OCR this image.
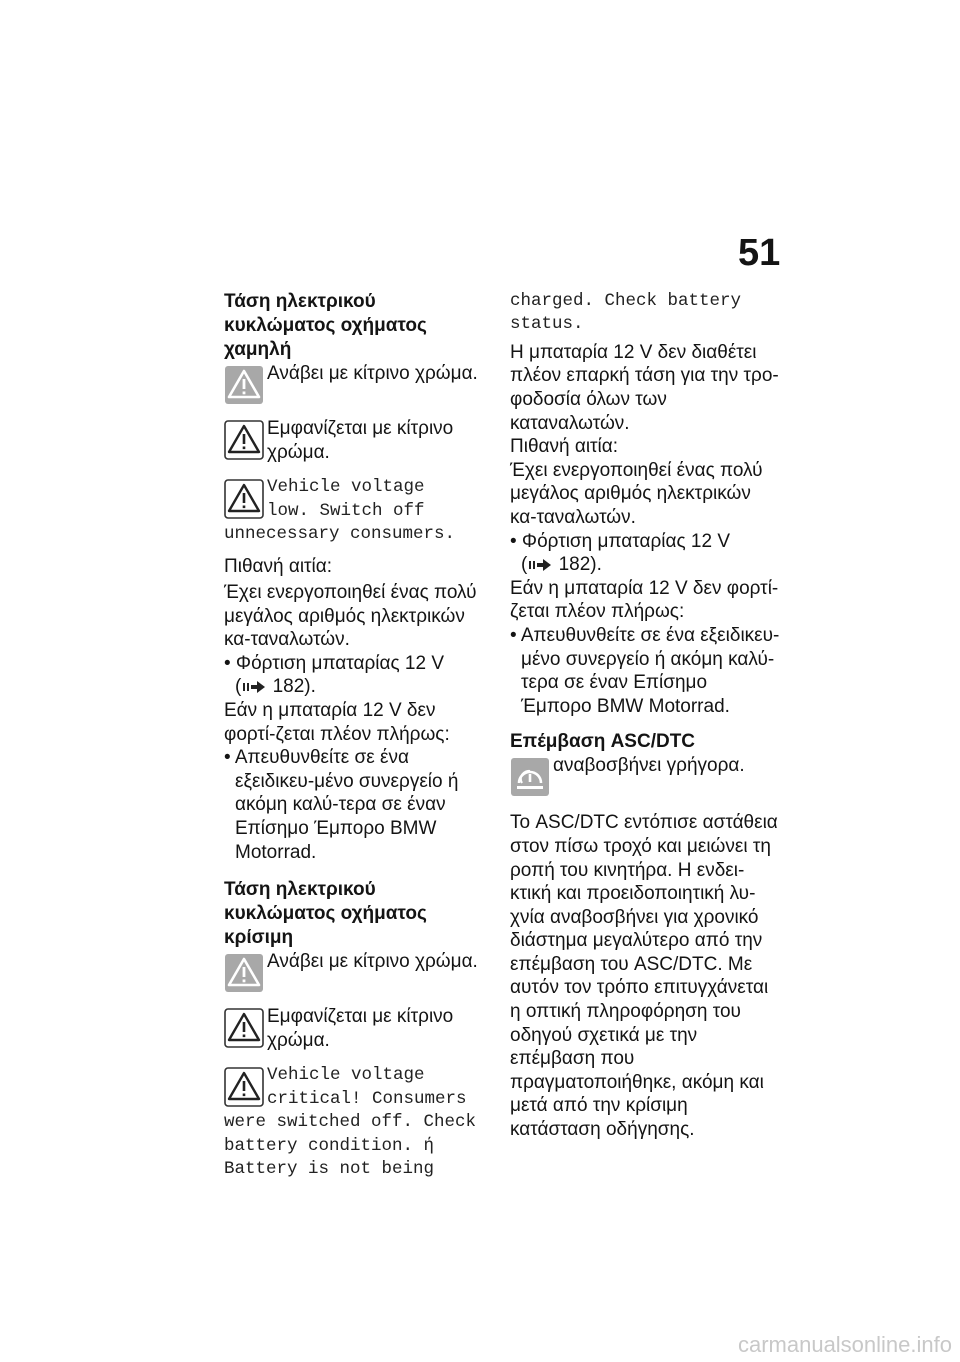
51
Τάση ηλεκτρικού κυκλώματος οχήματος χαμηλή
Ανάβει με κίτρινο χρώμα.
Εμφανίζεται με κίτρινο χρώμα.
Vehicle voltage
low. Switch off
unnecessary consumers.
Πιθανή αιτία:
Έχει ενεργοποιηθεί ένας πολύ μεγάλος αριθμός ηλεκτρικών κα-ταναλωτών.
• Φόρτιση μπαταρίας 12 V
( 182).
Εάν η μπαταρία 12 V δεν φορτί-ζεται πλέον πλήρως:
• Απευθυνθείτε σε ένα εξειδικευ-μένο συνεργείο ή ακόμη καλύ-τερα σε έναν Επίσημο Έμπορο BMW Motorrad.
Τάση ηλεκτρικού κυκλώματος οχήματος κρίσιμη
Ανάβει με κίτρινο χρώμα.
Εμφανίζεται με κίτρινο χρώμα.
Vehicle voltage
critical! Consumers
were switched off. Check
battery condition. ή
Battery is not being
charged. Check battery
status.
Η μπαταρία 12 V δεν διαθέτει πλέον επαρκή τάση για την τρο-φοδοσία όλων των καταναλωτών.
Πιθανή αιτία:
Έχει ενεργοποιηθεί ένας πολύ μεγάλος αριθμός ηλεκτρικών κα-ταναλωτών.
• Φόρτιση μπαταρίας 12 V
( 182).
Εάν η μπαταρία 12 V δεν φορτί-ζεται πλέον πλήρως:
• Απευθυνθείτε σε ένα εξειδικευ-μένο συνεργείο ή ακόμη καλύ-τερα σε έναν Επίσημο Έμπορο BMW Motorrad.
Επέμβαση ASC/DTC
αναβοσβήνει γρήγορα.
Το ASC/DTC εντόπισε αστάθεια στον πίσω τροχό και μειώνει τη ροπή του κινητήρα. Η ενδει-κτική και προειδοποιητική λυ-χνία αναβοσβήνει για χρονικό διάστημα μεγαλύτερο από την επέμβαση του ASC/DTC. Με αυτόν τον τρόπο επιτυγχάνεται η οπτική πληροφόρηση του οδηγού σχετικά με την επέμβαση που πραγματοποιήθηκε, ακόμη και μετά από την κρίσιμη κατάσταση οδήγησης.
carmanualsonline.info
